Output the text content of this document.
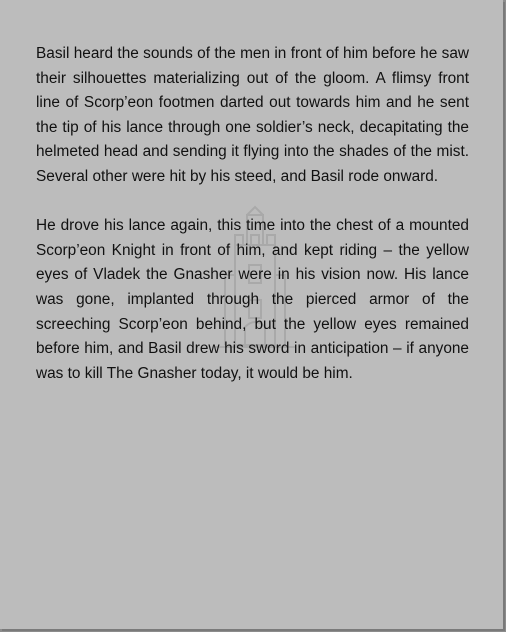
Basil heard the sounds of the men in front of him before he saw their silhouettes materializing out of the gloom. A flimsy front line of Scorp’eon footmen darted out towards him and he sent the tip of his lance through one soldier’s neck, decapitating the helmeted head and sending it flying into the shades of the mist. Several other were hit by his steed, and Basil rode onward.

He drove his lance again, this time into the chest of a mounted Scorp’eon Knight in front of him, and kept riding – the yellow eyes of Vladek the Gnasher were in his vision now. His lance was gone, implanted through the pierced armor of the screeching Scorp’eon behind, but the yellow eyes remained before him, and Basil drew his sword in anticipation – if anyone was to kill The Gnasher today, it would be him.
